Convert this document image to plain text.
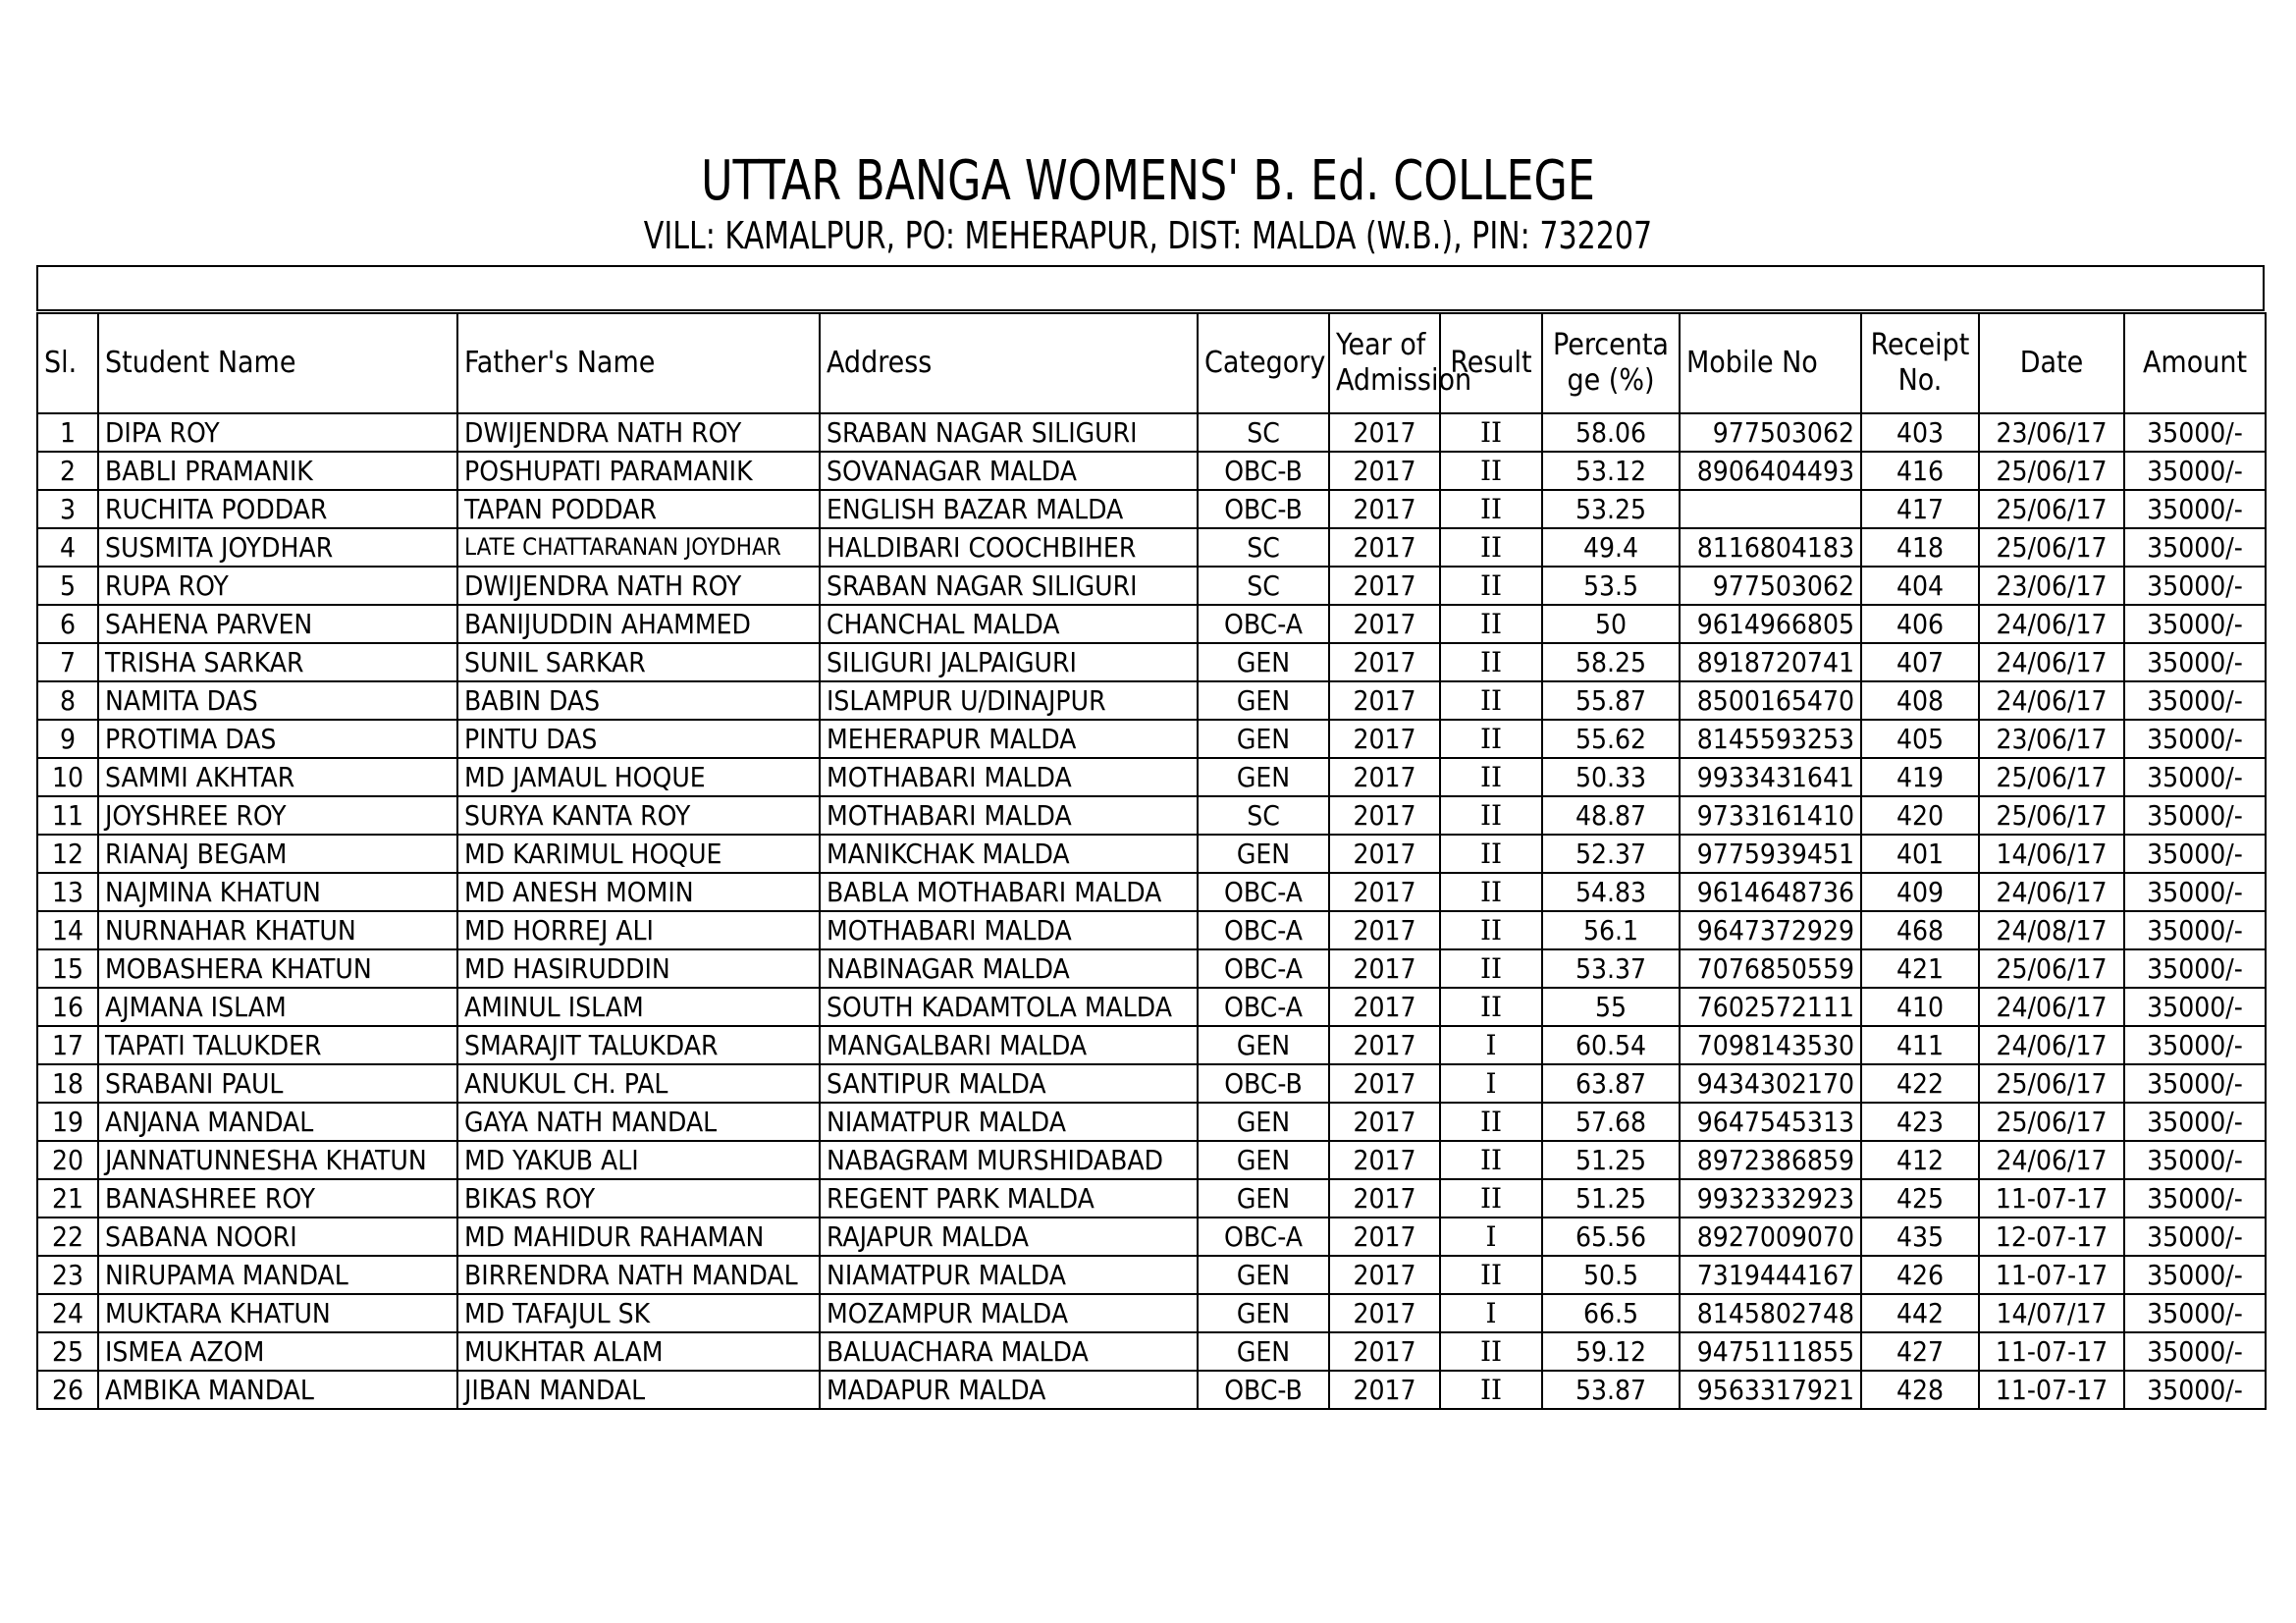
UTTAR BANGA WOMENS' B. Ed. COLLEGE
VILL: KAMALPUR, PO: MEHERAPUR, DIST: MALDA (W.B.), PIN: 732207
Sl.	Student Name	Father's Name	Address	Category	Year of Admission	Result	Percentage (%)	Mobile No	Receipt No.	Date	Amount
1	DIPA ROY	DWIJENDRA NATH ROY	SRABAN NAGAR SILIGURI	SC	2017	II	58.06	977503062	403	23/06/17	35000/-
2	BABLI PRAMANIK	POSHUPATI PARAMANIK	SOVANAGAR MALDA	OBC-B	2017	II	53.12	8906404493	416	25/06/17	35000/-
3	RUCHITA PODDAR	TAPAN PODDAR	ENGLISH BAZAR MALDA	OBC-B	2017	II	53.25		417	25/06/17	35000/-
4	SUSMITA JOYDHAR	LATE CHATTARANAN JOYDHAR	HALDIBARI COOCHBIHER	SC	2017	II	49.4	8116804183	418	25/06/17	35000/-
5	RUPA ROY	DWIJENDRA NATH ROY	SRABAN NAGAR SILIGURI	SC	2017	II	53.5	977503062	404	23/06/17	35000/-
6	SAHENA PARVEN	BANIJUDDIN AHAMMED	CHANCHAL MALDA	OBC-A	2017	II	50	9614966805	406	24/06/17	35000/-
7	TRISHA SARKAR	SUNIL SARKAR	SILIGURI JALPAIGURI	GEN	2017	II	58.25	8918720741	407	24/06/17	35000/-
8	NAMITA DAS	BABIN DAS	ISLAMPUR U/DINAJPUR	GEN	2017	II	55.87	8500165470	408	24/06/17	35000/-
9	PROTIMA DAS	PINTU DAS	MEHERAPUR MALDA	GEN	2017	II	55.62	8145593253	405	23/06/17	35000/-
10	SAMMI AKHTAR	MD JAMAUL HOQUE	MOTHABARI MALDA	GEN	2017	II	50.33	9933431641	419	25/06/17	35000/-
11	JOYSHREE ROY	SURYA KANTA ROY	MOTHABARI MALDA	SC	2017	II	48.87	9733161410	420	25/06/17	35000/-
12	RIANAJ BEGAM	MD KARIMUL HOQUE	MANIKCHAK MALDA	GEN	2017	II	52.37	9775939451	401	14/06/17	35000/-
13	NAJMINA KHATUN	MD ANESH MOMIN	BABLA MOTHABARI MALDA	OBC-A	2017	II	54.83	9614648736	409	24/06/17	35000/-
14	NURNAHAR KHATUN	MD HORREJ ALI	MOTHABARI MALDA	OBC-A	2017	II	56.1	9647372929	468	24/08/17	35000/-
15	MOBASHERA KHATUN	MD HASIRUDDIN	NABINAGAR MALDA	OBC-A	2017	II	53.37	7076850559	421	25/06/17	35000/-
16	AJMANA ISLAM	AMINUL ISLAM	SOUTH KADAMTOLA MALDA	OBC-A	2017	II	55	7602572111	410	24/06/17	35000/-
17	TAPATI TALUKDER	SMARAJIT TALUKDAR	MANGALBARI MALDA	GEN	2017	I	60.54	7098143530	411	24/06/17	35000/-
18	SRABANI PAUL	ANUKUL CH. PAL	SANTIPUR MALDA	OBC-B	2017	I	63.87	9434302170	422	25/06/17	35000/-
19	ANJANA MANDAL	GAYA NATH MANDAL	NIAMATPUR MALDA	GEN	2017	II	57.68	9647545313	423	25/06/17	35000/-
20	JANNATUNNESHA KHATUN	MD YAKUB ALI	NABAGRAM MURSHIDABAD	GEN	2017	II	51.25	8972386859	412	24/06/17	35000/-
21	BANASHREE ROY	BIKAS ROY	REGENT PARK MALDA	GEN	2017	II	51.25	9932332923	425	11-07-17	35000/-
22	SABANA NOORI	MD MAHIDUR RAHAMAN	RAJAPUR MALDA	OBC-A	2017	I	65.56	8927009070	435	12-07-17	35000/-
23	NIRUPAMA MANDAL	BIRRENDRA NATH MANDAL	NIAMATPUR MALDA	GEN	2017	II	50.5	7319444167	426	11-07-17	35000/-
24	MUKTARA KHATUN	MD TAFAJUL SK	MOZAMPUR MALDA	GEN	2017	I	66.5	8145802748	442	14/07/17	35000/-
25	ISMEA AZOM	MUKHTAR ALAM	BALUACHARA MALDA	GEN	2017	II	59.12	9475111855	427	11-07-17	35000/-
26	AMBIKA MANDAL	JIBAN MANDAL	MADAPUR MALDA	OBC-B	2017	II	53.87	9563317921	428	11-07-17	35000/-
